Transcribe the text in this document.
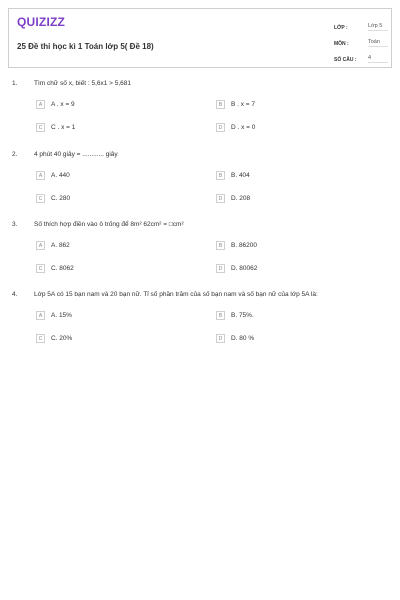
QUIZIZZ
25 Đề thi học kì 1 Toán lớp 5( Đề 18)
LỚP :	Lớp 5
MÔN :	Toán
SỐ CÂU : 4
1.	Tìm chữ số x, biết : 5,6x1 > 5,681
A	A . x = 9	B	B . x = 7
C	C . x = 1	D	D . x = 0
2.	4 phút 40 giây = ............ giây
A	A. 440	B	B. 404
C	C. 280	D	D. 208
3.	Số thích hợp điền vào ô trống để 8m² 62cm² = □cm²
A	A. 862	B	B. 86200
C	C. 8062	D	D. 80062
4.	Lớp 5A có 15 bạn nam và 20 bạn nữ. Tỉ số phần trăm của số bạn nam và số bạn nữ của lớp 5A là:
A	A. 15%	B	B. 75%.
C	C. 20%	D	D. 80 %
